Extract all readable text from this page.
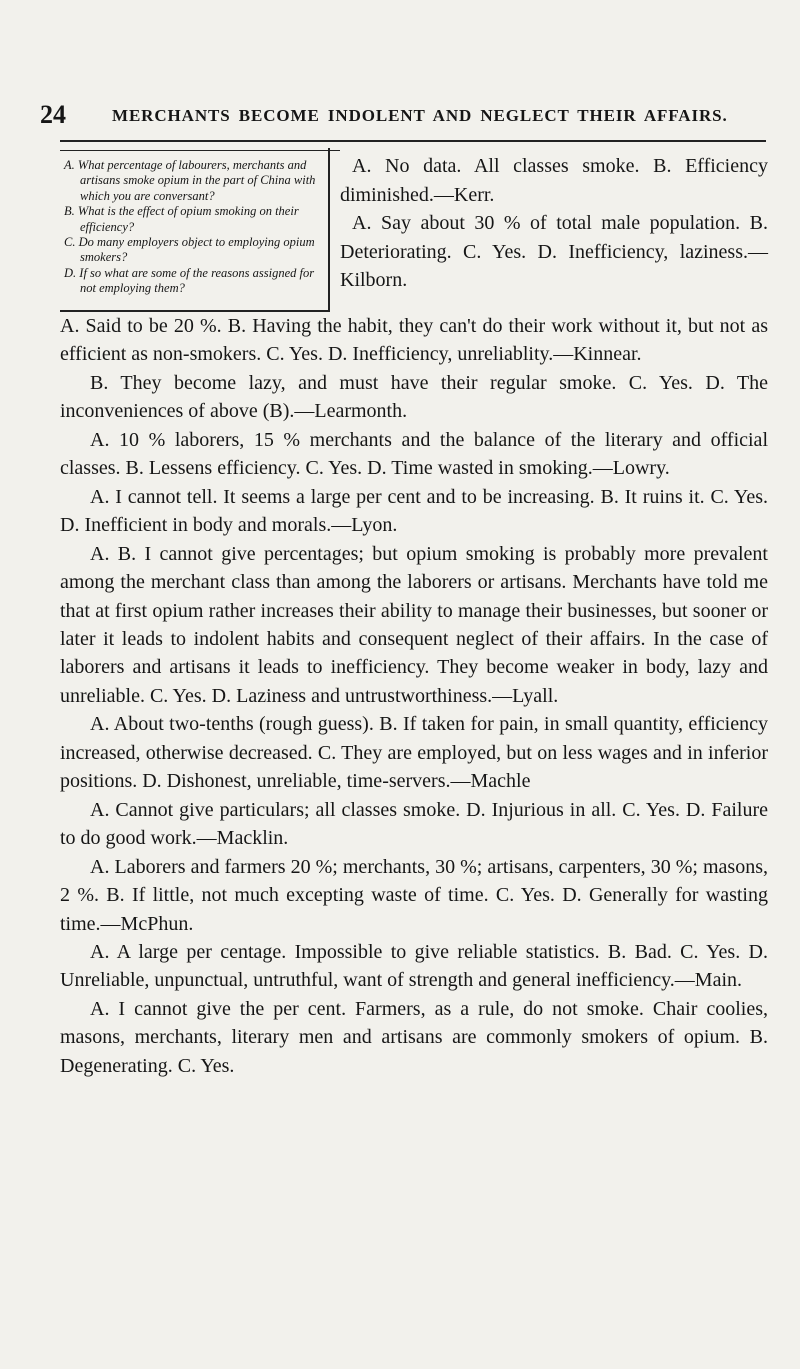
24	MERCHANTS BECOME INDOLENT AND NEGLECT THEIR AFFAIRS.

A. What percentage of labourers, merchants and artisans smoke opium in the part of China with which you are conversant?

B. What is the effect of opium smoking on their efficiency?

C. Do many employers object to employing opium smokers?

D. If so what are some of the reasons assigned for not employing them?

A. No data. All classes smoke. B. Efficiency diminished.—Kerr.

A. Say about 30 % of total male population. B. Deteriorating. C. Yes. D. Inefficiency, laziness.—Kilborn.

A. Said to be 20 %. B. Having the habit, they can't do their work without it, but not as efficient as non-smokers. C. Yes. D. Inefficiency, unreliablity.—Kinnear.

B. They become lazy, and must have their regular smoke. C. Yes. D. The inconveniences of above (B).—Learmonth.

A. 10 % laborers, 15 % merchants and the balance of the literary and official classes. B. Lessens efficiency. C. Yes. D. Time wasted in smoking.—Lowry.

A. I cannot tell. It seems a large per cent and to be increasing. B. It ruins it. C. Yes. D. Inefficient in body and morals.—Lyon.

A. B. I cannot give percentages; but opium smoking is probably more prevalent among the merchant class than among the laborers or artisans. Merchants have told me that at first opium rather increases their ability to manage their businesses, but sooner or later it leads to indolent habits and consequent neglect of their affairs. In the case of laborers and artisans it leads to inefficiency. They become weaker in body, lazy and unreliable. C. Yes. D. Laziness and untrustworthiness.—Lyall.

A. About two-tenths (rough guess). B. If taken for pain, in small quantity, efficiency increased, otherwise decreased. C. They are employed, but on less wages and in inferior positions. D. Dishonest, unreliable, time-servers.—Machle

A. Cannot give particulars; all classes smoke. D. Injurious in all. C. Yes. D. Failure to do good work.—Macklin.

A. Laborers and farmers 20 %; merchants, 30 %; artisans, carpenters, 30 %; masons, 2 %. B. If little, not much excepting waste of time. C. Yes. D. Generally for wasting time.—McPhun.

A. A large per centage. Impossible to give reliable statistics. B. Bad. C. Yes. D. Unreliable, unpunctual, untruthful, want of strength and general inefficiency.—Main.

A. I cannot give the per cent. Farmers, as a rule, do not smoke. Chair coolies, masons, merchants, literary men and artisans are commonly smokers of opium. B. Degenerating. C. Yes.
